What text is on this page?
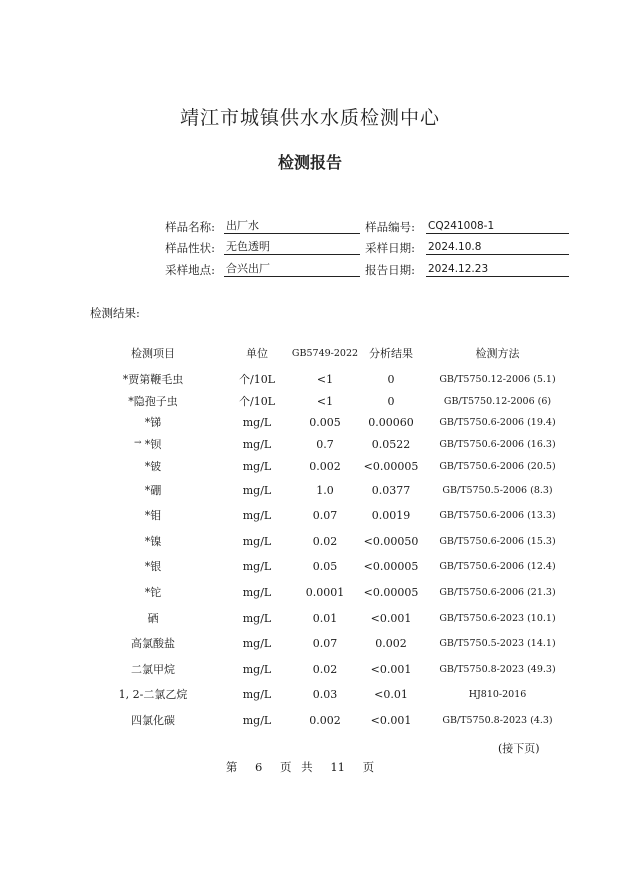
靖江市城镇供水水质检测中心
检测报告
样品名称: 出厂水	样品编号: CQ241008-1
样品性状: 无色透明	采样日期: 2024.10.8
采样地点: 合兴出厂	报告日期: 2024.12.23
检测结果:
检测项目	单位	GB5749-2022 分析结果	检测方法
*贾第鞭毛虫	个/10L	<1	0	GB/T5750.12-2006 (5.1)
*隐孢子虫	个/10L	<1	0	GB/T5750.12-2006 (6)
*锑	mg/L	0.005	0.00060	GB/T5750.6-2006 (19.4)
*钡	mg/L	0.7	0.0522	GB/T5750.6-2006 (16.3)
*铍	mg/L	0.002	<0.00005	GB/T5750.6-2006 (20.5)
*硼	mg/L	1.0	0.0377	GB/T5750.5-2006 (8.3)
*钼	mg/L	0.07	0.0019	GB/T5750.6-2006 (13.3)
*镍	mg/L	0.02	<0.00050	GB/T5750.6-2006 (15.3)
*银	mg/L	0.05	<0.00005	GB/T5750.6-2006 (12.4)
*铊	mg/L	0.0001	<0.00005	GB/T5750.6-2006 (21.3)
硒	mg/L	0.01	<0.001	GB/T5750.6-2023 (10.1)
高氯酸盐	mg/L	0.07	0.002	GB/T5750.5-2023 (14.1)
二氯甲烷	mg/L	0.02	<0.001	GB/T5750.8-2023 (49.3)
1, 2-二氯乙烷	mg/L	0.03	<0.01	HJ810-2016
四氯化碳	mg/L	0.002	<0.001	GB/T5750.8-2023 (4.3)
→
(接下页)
第 6 页 共 11 页
